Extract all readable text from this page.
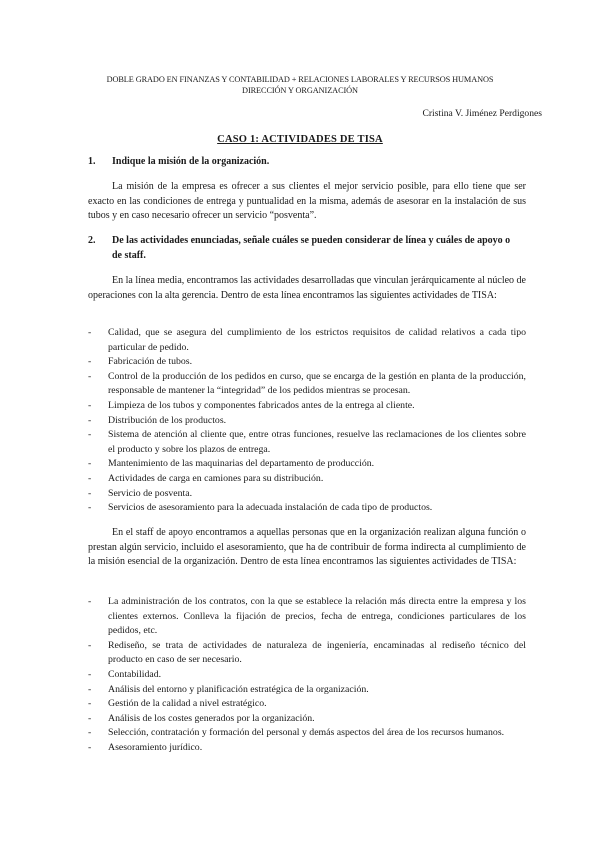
DOBLE GRADO EN FINANZAS Y CONTABILIDAD + RELACIONES LABORALES Y RECURSOS HUMANOS
DIRECCIÓN Y ORGANIZACIÓN
Cristina V. Jiménez Perdigones
CASO 1: ACTIVIDADES DE TISA
1.	Indique la misión de la organización.
La misión de la empresa es ofrecer a sus clientes el mejor servicio posible, para ello tiene que ser exacto en las condiciones de entrega y puntualidad en la misma, además de asesorar en la instalación de sus tubos y en caso necesario ofrecer un servicio “posventa”.
2.	De las actividades enunciadas, señale cuáles se pueden considerar de línea y cuáles de apoyo o de staff.
En la línea media, encontramos las actividades desarrolladas que vinculan jerárquicamente al núcleo de operaciones con la alta gerencia. Dentro de esta línea encontramos las siguientes actividades de TISA:
- Calidad, que se asegura del cumplimiento de los estrictos requisitos de calidad relativos a cada tipo particular de pedido.
- Fabricación de tubos.
- Control de la producción de los pedidos en curso, que se encarga de la gestión en planta de la producción, responsable de mantener la “integridad” de los pedidos mientras se procesan.
- Limpieza de los tubos y componentes fabricados antes de la entrega al cliente.
- Distribución de los productos.
- Sistema de atención al cliente que, entre otras funciones, resuelve las reclamaciones de los clientes sobre el producto y sobre los plazos de entrega.
- Mantenimiento de las maquinarias del departamento de producción.
- Actividades de carga en camiones para su distribución.
- Servicio de posventa.
- Servicios de asesoramiento para la adecuada instalación de cada tipo de productos.
En el staff de apoyo encontramos a aquellas personas que en la organización realizan alguna función o prestan algún servicio, incluido el asesoramiento, que ha de contribuir de forma indirecta al cumplimiento de la misión esencial de la organización. Dentro de esta línea encontramos las siguientes actividades de TISA:
- La administración de los contratos, con la que se establece la relación más directa entre la empresa y los clientes externos. Conlleva la fijación de precios, fecha de entrega, condiciones particulares de los pedidos, etc.
- Rediseño, se trata de actividades de naturaleza de ingeniería, encaminadas al rediseño técnico del producto en caso de ser necesario.
- Contabilidad.
- Análisis del entorno y planificación estratégica de la organización.
- Gestión de la calidad a nivel estratégico.
- Análisis de los costes generados por la organización.
- Selección, contratación y formación del personal y demás aspectos del área de los recursos humanos.
- Asesoramiento jurídico.
